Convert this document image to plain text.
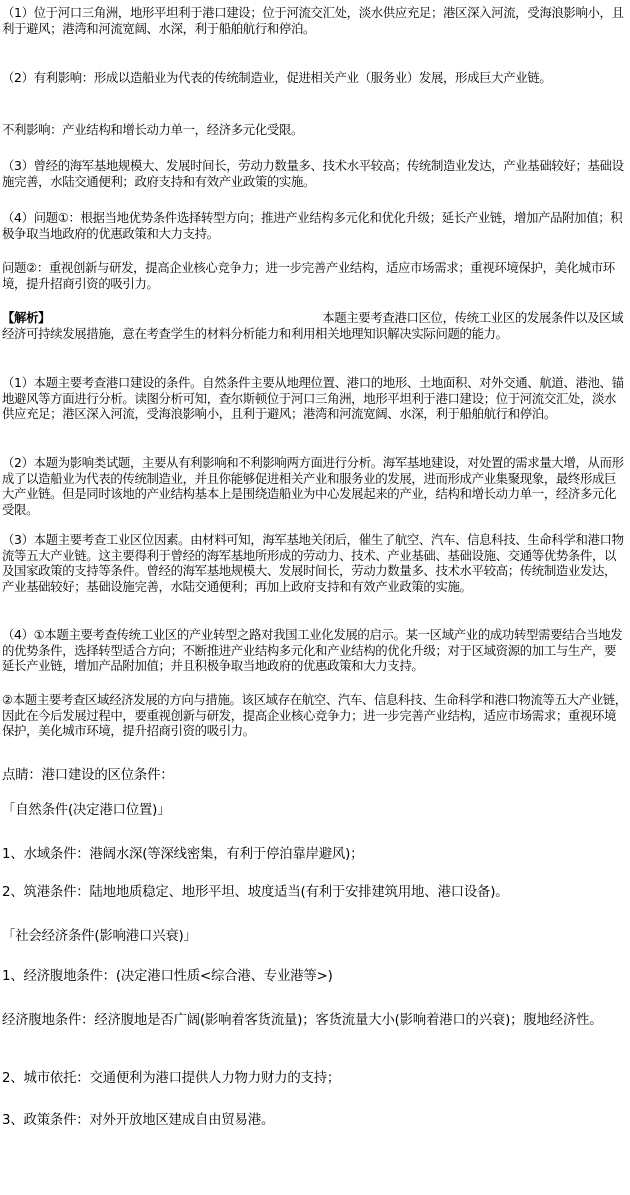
（1）位于河口三角洲，地形平坦利于港口建设；位于河流交汇处，淡水供应充足；港区深入河流，受海浪影响小，且利于避风；港湾和河流宽阔、水深，利于船舶航行和停泊。

（2）有利影响：形成以造船业为代表的传统制造业，促进相关产业（服务业）发展，形成巨大产业链。

不利影响：产业结构和增长动力单一，经济多元化受限。

（3）曾经的海军基地规模大、发展时间长，劳动力数量多、技术水平较高；传统制造业发达，产业基础较好；基础设施完善，水陆交通便利；政府支持和有效产业政策的实施。

（4）问题①：根据当地优势条件选择转型方向；推进产业结构多元化和优化升级；延长产业链，增加产品附加值；积极争取当地政府的优惠政策和大力支持。

问题②：重视创新与研发，提高企业核心竞争力；进一步完善产业结构，适应市场需求；重视环境保护，美化城市环境，提升招商引资的吸引力。

【解析】	本题主要考查港口区位，传统工业区的发展条件以及区域经济可持续发展措施，意在考查学生的材料分析能力和利用相关地理知识解决实际问题的能力。

（1）本题主要考查港口建设的条件。自然条件主要从地理位置、港口的地形、土地面积、对外交通、航道、港池、锚地避风等方面进行分析。读图分析可知，查尔斯顿位于河口三角洲，地形平坦利于港口建设；位于河流交汇处，淡水供应充足；港区深入河流，受海浪影响小，且利于避风；港湾和河流宽阔、水深，利于船舶航行和停泊。

（2）本题为影响类试题，主要从有利影响和不利影响两方面进行分析。海军基地建设，对处置的需求量大增，从而形成了以造船业为代表的传统制造业，并且你能够促进相关产业和服务业的发展，进而形成产业集聚现象，最终形成巨大产业链。但是同时该地的产业结构基本上是围绕造船业为中心发展起来的产业，结构和增长动力单一，经济多元化受限。

（3）本题主要考查工业区位因素。由材料可知，海军基地关闭后，催生了航空、汽车、信息科技、生命科学和港口物流等五大产业链。这主要得利于曾经的海军基地所形成的劳动力、技术、产业基础、基础设施、交通等优势条件，以及国家政策的支持等条件。曾经的海军基地规模大、发展时间长，劳动力数量多、技术水平较高；传统制造业发达，产业基础较好；基础设施完善，水陆交通便利；再加上政府支持和有效产业政策的实施。

（4）①本题主要考查传统工业区的产业转型之路对我国工业化发展的启示。某一区域产业的成功转型需要结合当地发的优势条件，选择转型适合方向；不断推进产业结构多元化和产业结构的优化升级；对于区域资源的加工与生产，要延长产业链，增加产品附加值；并且积极争取当地政府的优惠政策和大力支持。

②本题主要考查区域经济发展的方向与措施。该区域存在航空、汽车、信息科技、生命科学和港口物流等五大产业链，因此在今后发展过程中，要重视创新与研发，提高企业核心竞争力；进一步完善产业结构，适应市场需求；重视环境保护，美化城市环境，提升招商引资的吸引力。

点睛：港口建设的区位条件：

「自然条件(决定港口位置)」

1、水域条件：港阔水深(等深线密集，有利于停泊靠岸避风)；

2、筑港条件：陆地地质稳定、地形平坦、坡度适当(有利于安排建筑用地、港口设备)。

「社会经济条件(影响港口兴衰)」

1、经济腹地条件：(决定港口性质<综合港、专业港等>)

经济腹地条件：经济腹地是否广阔(影响着客货流量)；客货流量大小(影响着港口的兴衰)；腹地经济性。

2、城市依托：交通便利为港口提供人力物力财力的支持；

3、政策条件：对外开放地区建成自由贸易港。
